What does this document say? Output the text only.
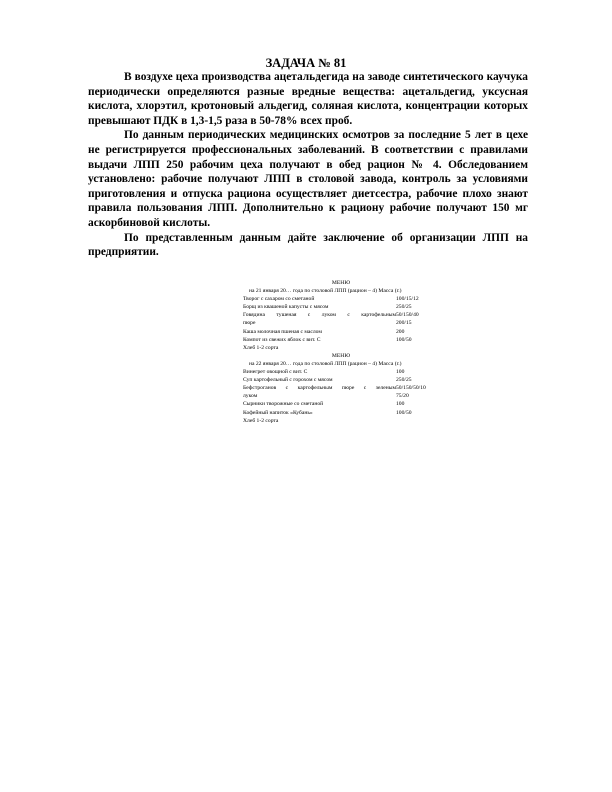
ЗАДАЧА № 81

В воздухе цеха производства ацетальдегида на заводе синтетического каучука периодически определяются разные вредные вещества: ацетальдегид, уксусная кислота, хлорэтил, кротоновый альдегид, соляная кислота, концентрации которых превышают ПДК в 1,3-1,5 раза в 50-78% всех проб.

По данным периодических медицинских осмотров за последние 5 лет в цехе не регистрируется профессиональных заболеваний. В соответствии с правилами выдачи ЛПП 250 рабочим цеха получают в обед рацион № 4. Обследованием установлено: рабочие получают ЛПП в столовой завода, контроль за условиями приготовления и отпуска рациона осуществляет диетсестра, рабочие плохо знают правила пользования ЛПП. Дополнительно к рациону рабочие получают 150 мг аскорбиновой кислоты.

По представленным данным дайте заключение об организации ЛПП на предприятии.

МЕНЮ
на 21 января 20… года по столовой ЛПП (рацион – 4) Масса (г.)
Творог с сахаром со сметаной	100/15/12
Борщ из квашеной капусты с мясом	250/25
Говядина тушеная с луком с картофельным 50/150/40
пюре	200/15
Каша молочная пшеная с маслом	200
Компот из свежих яблок с вит. С	100/50
Хлеб 1-2 сорта
МЕНЮ
на 22 января 20… года по столовой ЛПП (рацион – 4) Масса (г.)
Винегрет овощной с вит. С	100
Суп картофельный с горохом с мясом	250/25
Бефстроганов с картофельным пюре с зеленым 50/150/50/10
луком	75/20
Сырники творожные со сметаной	100
Кофейный напиток «Кубань»	100/50
Хлеб 1-2 сорта
